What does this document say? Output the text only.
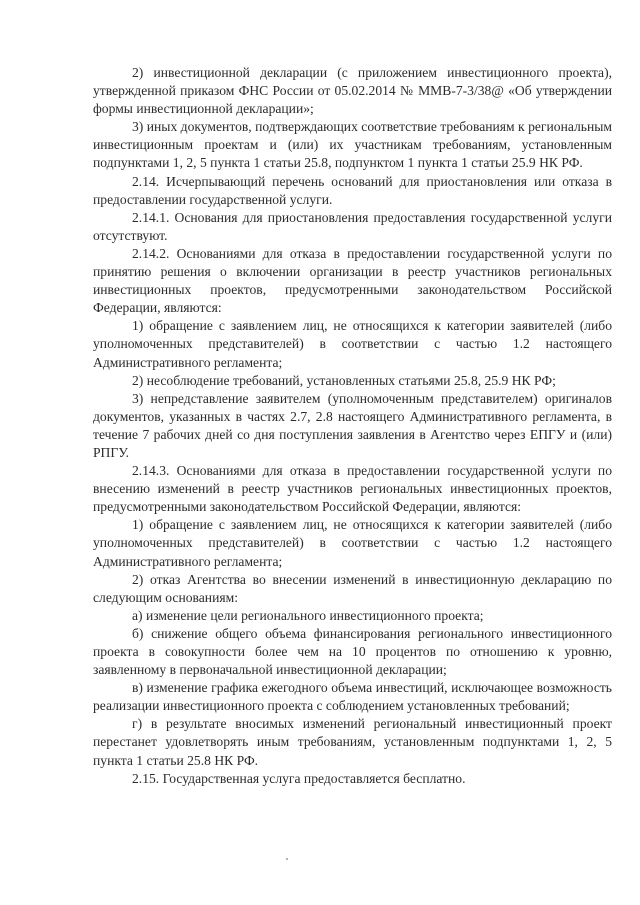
2) инвестиционной декларации (с приложением инвестиционного проекта), утвержденной приказом ФНС России от 05.02.2014 № ММВ-7-3/38@ «Об утверждении формы инвестиционной декларации»;

3) иных документов, подтверждающих соответствие требованиям к региональным инвестиционным проектам и (или) их участникам требованиям, установленным подпунктами 1, 2, 5 пункта 1 статьи 25.8, подпунктом 1 пункта 1 статьи 25.9 НК РФ.

2.14. Исчерпывающий перечень оснований для приостановления или отказа в предоставлении государственной услуги.

2.14.1. Основания для приостановления предоставления государственной услуги отсутствуют.

2.14.2. Основаниями для отказа в предоставлении государственной услуги по принятию решения о включении организации в реестр участников региональных инвестиционных проектов, предусмотренными законодательством Российской Федерации, являются:

1) обращение с заявлением лиц, не относящихся к категории заявителей (либо уполномоченных представителей) в соответствии с частью 1.2 настоящего Административного регламента;

2) несоблюдение требований, установленных статьями 25.8, 25.9 НК РФ;

3) непредставление заявителем (уполномоченным представителем) оригиналов документов, указанных в частях 2.7, 2.8 настоящего Административного регламента, в течение 7 рабочих дней со дня поступления заявления в Агентство через ЕПГУ и (или) РПГУ.

2.14.3. Основаниями для отказа в предоставлении государственной услуги по внесению изменений в реестр участников региональных инвестиционных проектов, предусмотренными законодательством Российской Федерации, являются:

1) обращение с заявлением лиц, не относящихся к категории заявителей (либо уполномоченных представителей) в соответствии с частью 1.2 настоящего Административного регламента;

2) отказ Агентства во внесении изменений в инвестиционную декларацию по следующим основаниям:

а) изменение цели регионального инвестиционного проекта;

б) снижение общего объема финансирования регионального инвестиционного проекта в совокупности более чем на 10 процентов по отношению к уровню, заявленному в первоначальной инвестиционной декларации;

в) изменение графика ежегодного объема инвестиций, исключающее возможность реализации инвестиционного проекта с соблюдением установленных требований;

г) в результате вносимых изменений региональный инвестиционный проект перестанет удовлетворять иным требованиям, установленным подпунктами 1, 2, 5 пункта 1 статьи 25.8 НК РФ.

2.15. Государственная услуга предоставляется бесплатно.
